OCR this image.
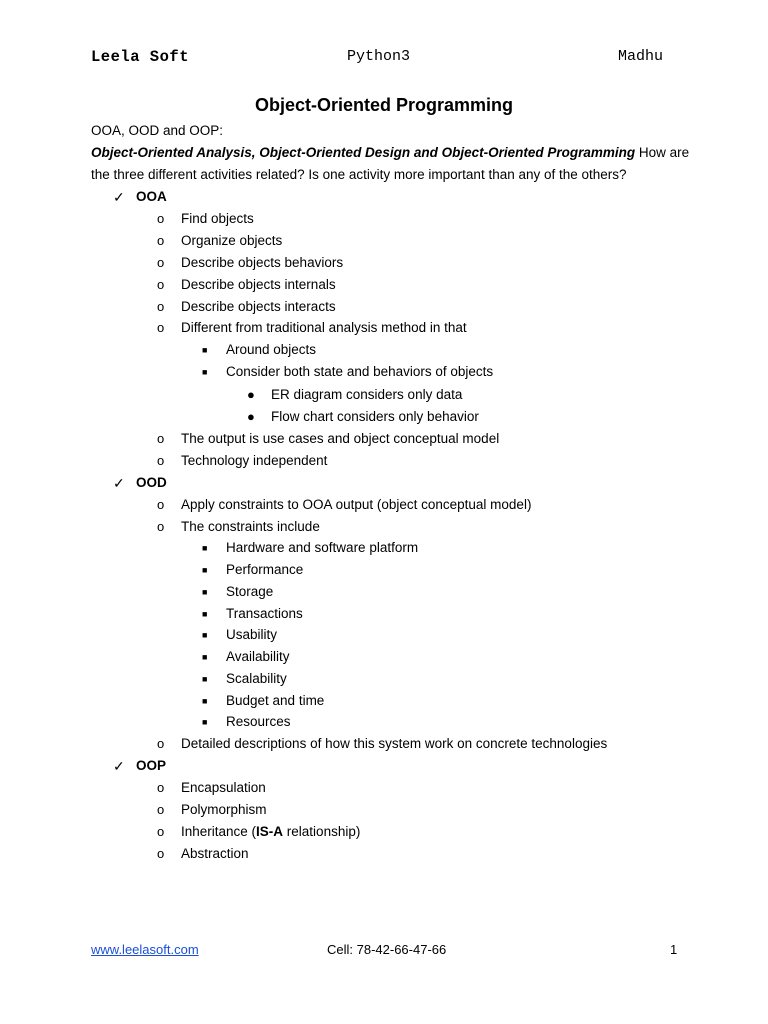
Leela Soft	Python3	Madhu
Object-Oriented Programming
OOA, OOD and OOP:
Object-Oriented Analysis, Object-Oriented Design and Object-Oriented Programming How are
the three different activities related? Is one activity more important than any of the others?
✓ OOA
o Find objects
o Organize objects
o Describe objects behaviors
o Describe objects internals
o Describe objects interacts
o Different from traditional analysis method in that
■ Around objects
■ Consider both state and behaviors of objects
● ER diagram considers only data
● Flow chart considers only behavior
o The output is use cases and object conceptual model
o Technology independent
✓ OOD
o Apply constraints to OOA output (object conceptual model)
o The constraints include
■ Hardware and software platform
■ Performance
■ Storage
■ Transactions
■ Usability
■ Availability
■ Scalability
■ Budget and time
■ Resources
o Detailed descriptions of how this system work on concrete technologies
✓ OOP
o Encapsulation
o Polymorphism
o Inheritance (IS-A relationship)
o Abstraction
www.leelasoft.com	Cell: 78-42-66-47-66	1
